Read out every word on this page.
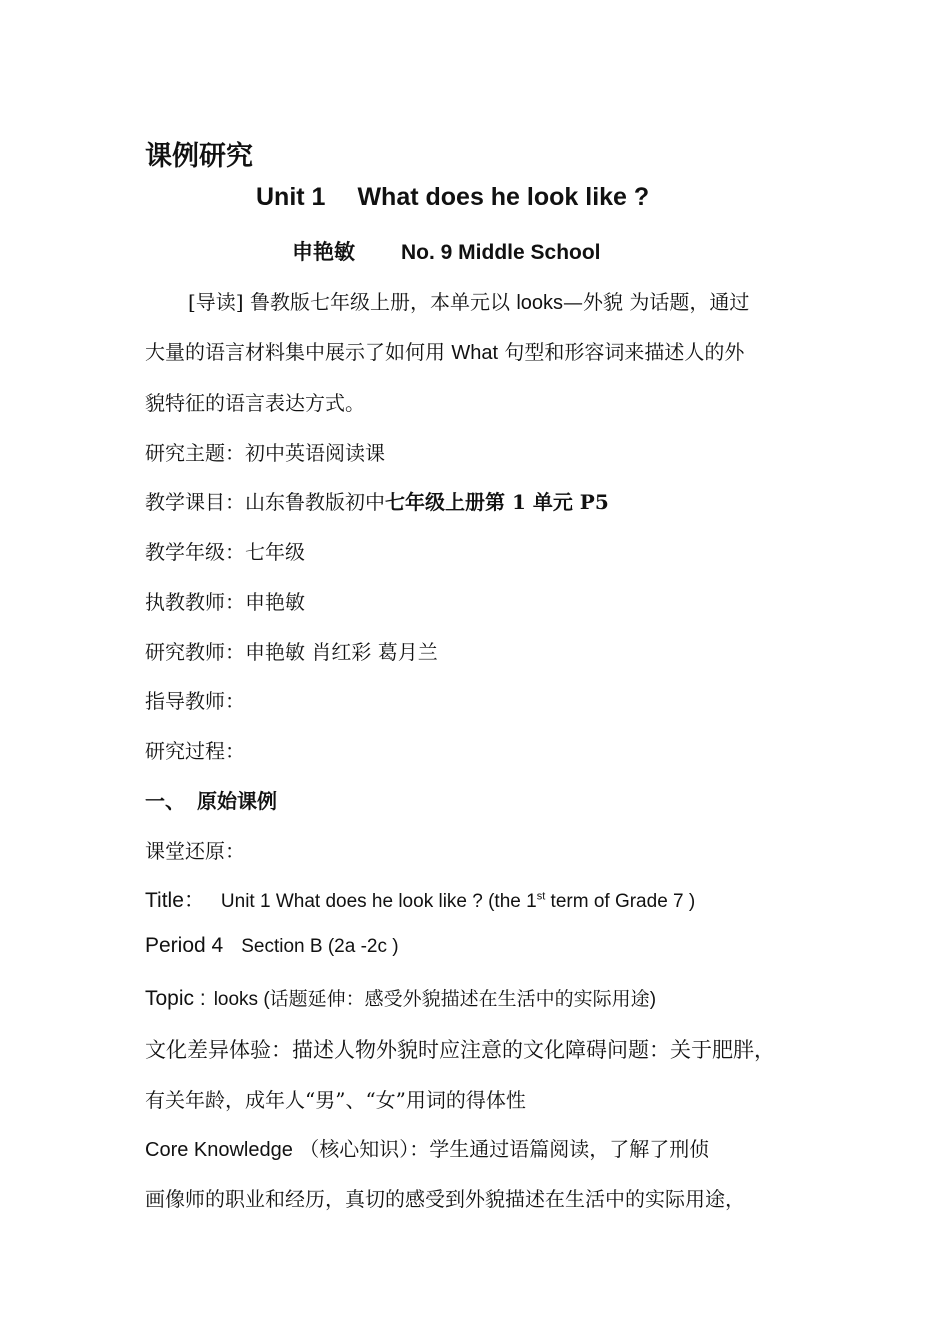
课例研究
Unit 1 What does he look like ?
申艳敏 No. 9 Middle School
[导读] 鲁教版七年级上册，本单元以 looks—外貌 为话题，通过
大量的语言材料集中展示了如何用 What 句型和形容词来描述人的外
貌特征的语言表达方式。
研究主题：初中英语阅读课
教学课目：山东鲁教版初中七年级上册第 1 单元 P5
教学年级：七年级
执教教师：申艳敏
研究教师：申艳敏 肖红彩 葛月兰
指导教师：
研究过程：
一、 原始课例
课堂还原：
Title： Unit 1 What does he look like ? (the 1st term of Grade 7 )
Period 4 Section B (2a -2c )
Topic : looks (话题延伸：感受外貌描述在生活中的实际用途)
文化差异体验：描述人物外貌时应注意的文化障碍问题：关于肥胖，
有关年龄，成年人“男”、“女”用词的得体性
Core Knowledge （核心知识）：学生通过语篇阅读，了解了刑侦
画像师的职业和经历，真切的感受到外貌描述在生活中的实际用途，
